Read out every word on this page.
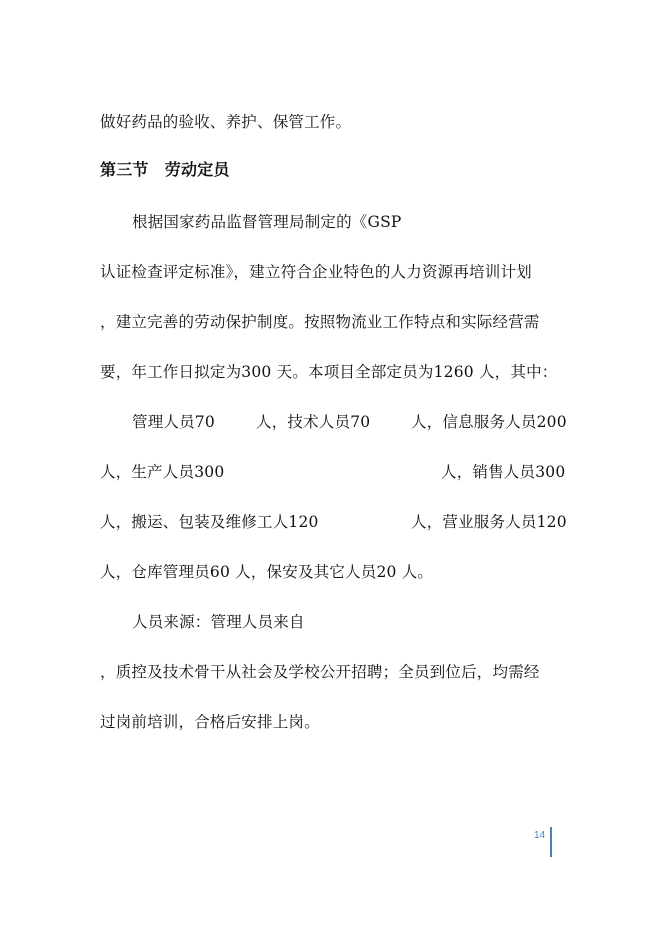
做好药品的验收、养护、保管工作。
第三节　劳动定员
根据国家药品监督管理局制定的《GSP
认证检查评定标准》，建立符合企业特色的人力资源再培训计划
，建立完善的劳动保护制度。按照物流业工作特点和实际经营需
要，年工作日拟定为300 天。本项目全部定员为1260 人，其中：
管理人员70	人，技术人员70	人，信息服务人员200
人，生产人员300	人，销售人员300
人，搬运、包装及维修工人120	人，营业服务人员120
人，仓库管理员60 人，保安及其它人员20 人。
人员来源：管理人员来自
，质控及技术骨干从社会及学校公开招聘；全员到位后，均需经
过岗前培训，合格后安排上岗。
14
